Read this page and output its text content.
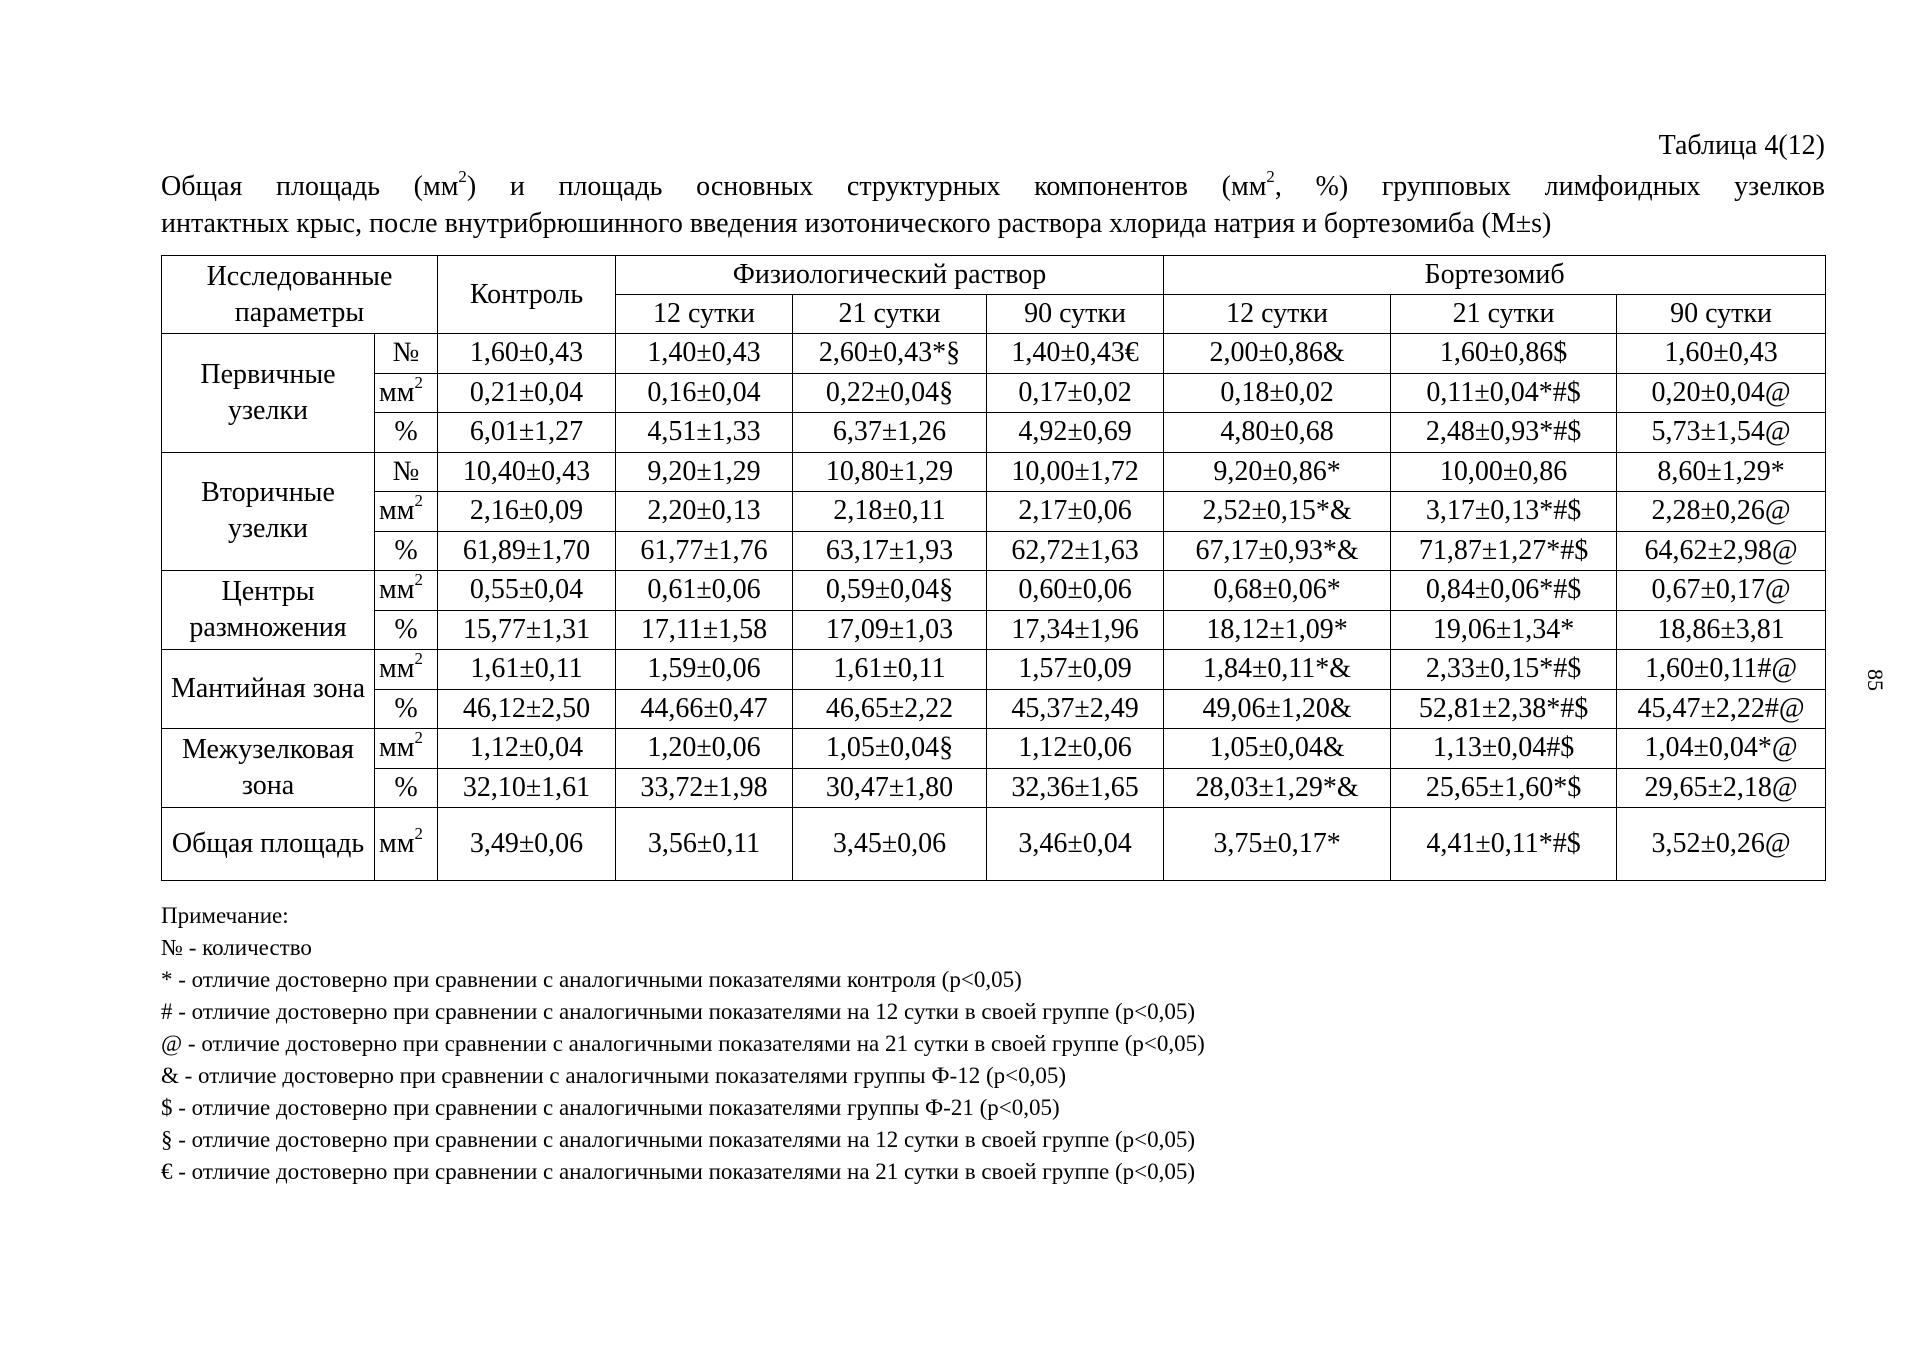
85
Таблица 4(12)
Общая площадь $(мм^2)$ и площадь основных структурных компонентов ($мм^2$, %) групповых лимфоидных узелков
интактных крыс, после внутрибрюшинного введения изотонического раствора хлорида натрия и бортезомиба (M±s)
Исследованные параметры		Контроль	Физиологический раствор			Бортезомиб		
			12 сутки	21 сутки	90 сутки	12 сутки	21 сутки	90 сутки
Первичные узелки	№	1,60±0,43	1,40±0,43	2,60±0,43*§	1,40±0,43€	2,00±0,86&	1,60±0,86$	1,60±0,43
	$мм^2$	0,21±0,04	0,16±0,04	0,22±0,04§	0,17±0,02	0,18±0,02	0,11±0,04*#$	0,20±0,04@
	%	6,01±1,27	4,51±1,33	6,37±1,26	4,92±0,69	4,80±0,68	2,48±0,93*#$	5,73±1,54@
Вторичные узелки	№	10,40±0,43	9,20±1,29	10,80±1,29	10,00±1,72	9,20±0,86*	10,00±0,86	8,60±1,29*
	$мм^2$	2,16±0,09	2,20±0,13	2,18±0,11	2,17±0,06	2,52±0,15*&	3,17±0,13*#$	2,28±0,26@
	%	61,89±1,70	61,77±1,76	63,17±1,93	62,72±1,63	67,17±0,93*&	71,87±1,27*#$	64,62±2,98@
Центры размножения	$мм^2$	0,55±0,04	0,61±0,06	0,59±0,04§	0,60±0,06	0,68±0,06*	0,84±0,06*#$	0,67±0,17@
	%	15,77±1,31	17,11±1,58	17,09±1,03	17,34±1,96	18,12±1,09*	19,06±1,34*	18,86±3,81
Мантийная зона	$мм^2$	1,61±0,11	1,59±0,06	1,61±0,11	1,57±0,09	1,84±0,11*&	2,33±0,15*#$	1,60±0,11#@
	%	46,12±2,50	44,66±0,47	46,65±2,22	45,37±2,49	49,06±1,20&	52,81±2,38*#$	45,47±2,22#@
Межузелковая зона	$мм^2$	1,12±0,04	1,20±0,06	1,05±0,04§	1,12±0,06	1,05±0,04&	1,13±0,04#$	1,04±0,04*@
	%	32,10±1,61	33,72±1,98	30,47±1,80	32,36±1,65	28,03±1,29*&	25,65±1,60*$	29,65±2,18@
Общая площадь	$мм^2$	3,49±0,06	3,56±0,11	3,45±0,06	3,46±0,04	3,75±0,17*	4,41±0,11*#$	3,52±0,26@
Примечание:
№ - количество
* - отличие достоверно при сравнении с аналогичными показателями контроля (p<0,05)
# - отличие достоверно при сравнении с аналогичными показателями на 12 сутки в своей группе (p<0,05)
@ - отличие достоверно при сравнении с аналогичными показателями на 21 сутки в своей группе (p<0,05)
& - отличие достоверно при сравнении с аналогичными показателями группы Ф-12 (p<0,05)
$ - отличие достоверно при сравнении с аналогичными показателями группы Ф-21 (p<0,05)
§ - отличие достоверно при сравнении с аналогичными показателями на 12 сутки в своей группе (p<0,05)
€ - отличие достоверно при сравнении с аналогичными показателями на 21 сутки в своей группе (p<0,05)
